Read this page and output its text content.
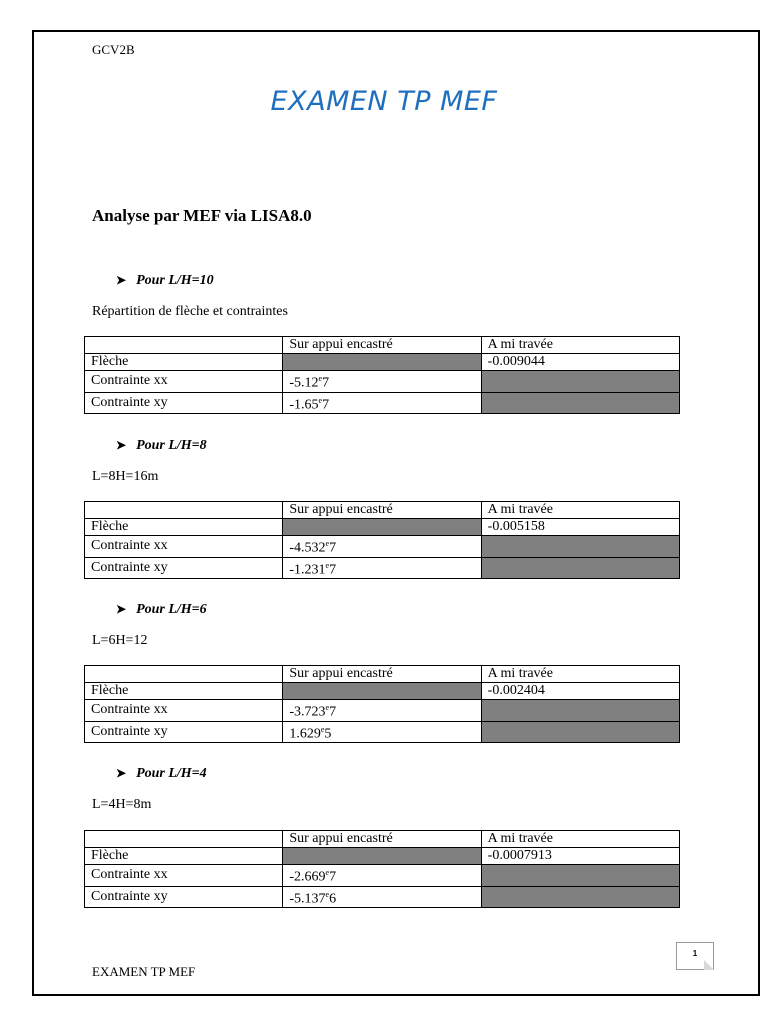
GCV2B
EXAMEN TP MEF
Analyse par MEF via LISA8.0
➤ Pour L/H=10
Répartition de flèche et contraintes
	Sur appui encastré	A mi travée
Flèche		-0.009044
Contrainte xx	-5.12e7	
Contrainte xy	-1.65e7	
➤ Pour L/H=8
L=8H=16m
	Sur appui encastré	A mi travée
Flèche		-0.005158
Contrainte xx	-4.532e7	
Contrainte xy	-1.231e7	
➤ Pour L/H=6
L=6H=12
	Sur appui encastré	A mi travée
Flèche		-0.002404
Contrainte xx	-3.723e7	
Contrainte xy	1.629e5	
➤ Pour L/H=4
L=4H=8m
	Sur appui encastré	A mi travée
Flèche		-0.0007913
Contrainte xx	-2.669e7	
Contrainte xy	-5.137e6	
1
EXAMEN TP MEF
